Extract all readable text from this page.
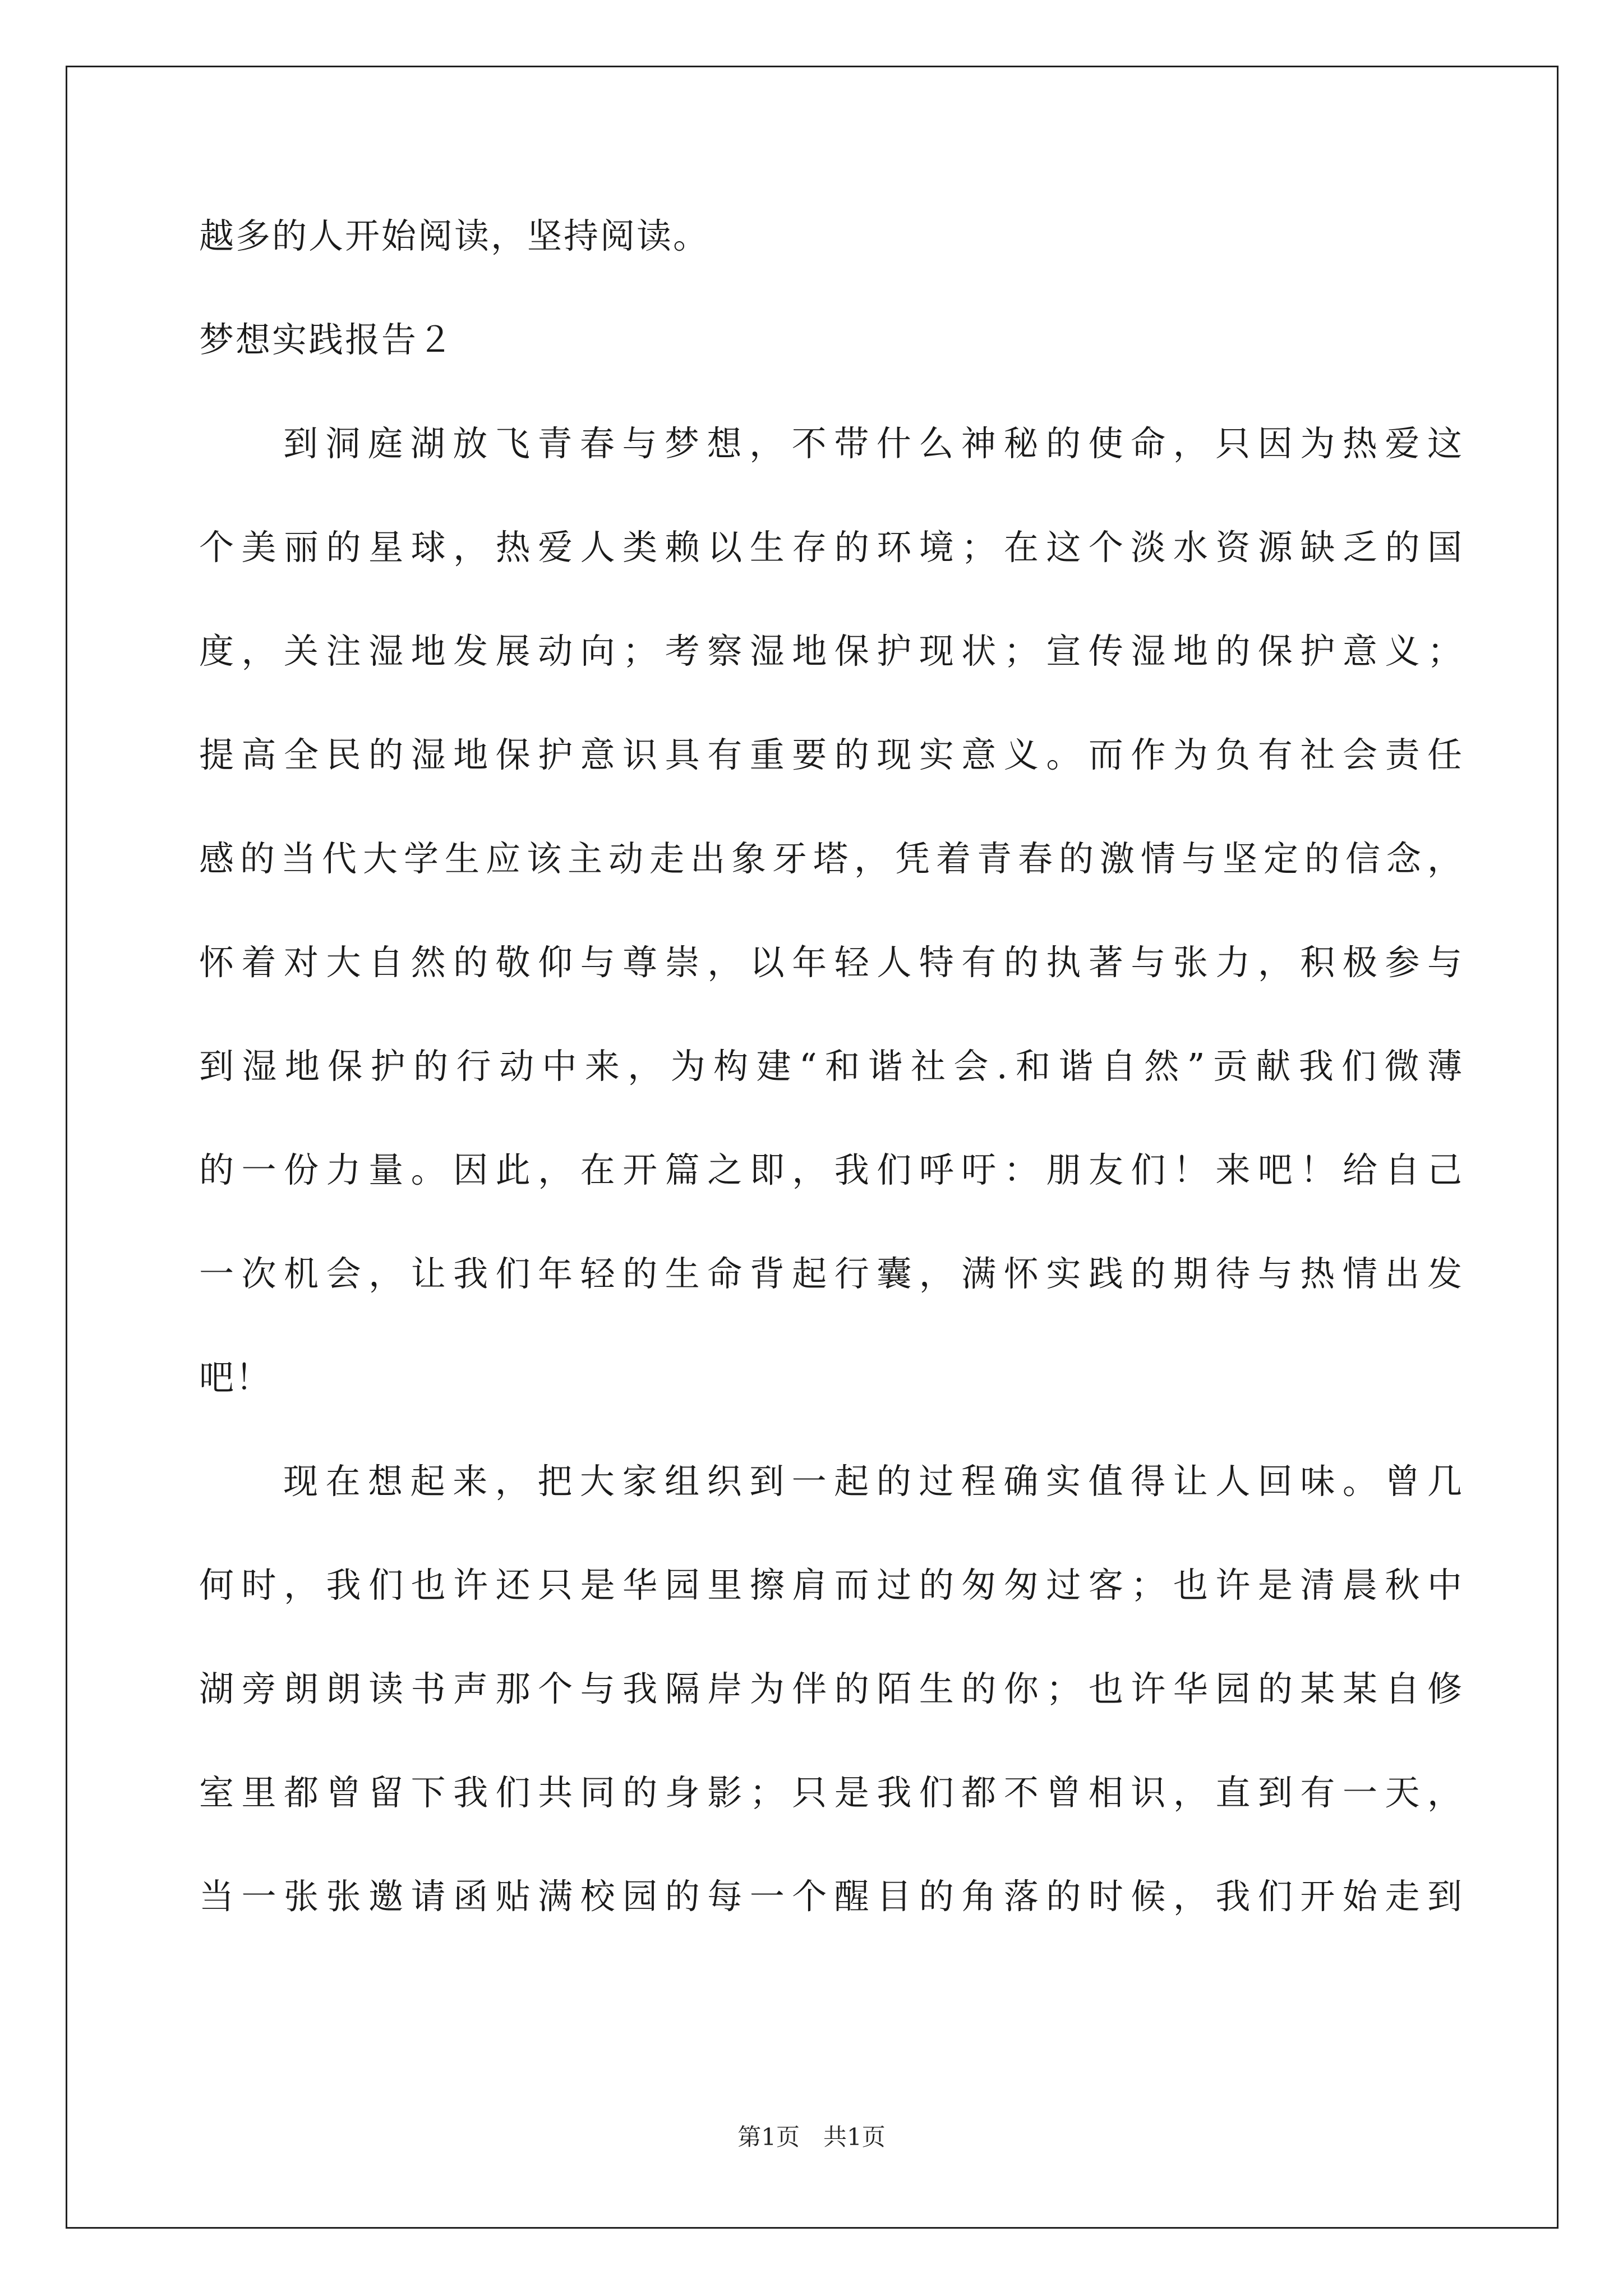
越多的人开始阅读，坚持阅读。
梦想实践报告２
到洞庭湖放飞青春与梦想，不带什么神秘的使命，只因为热爱这
个美丽的星球，热爱人类赖以生存的环境；在这个淡水资源缺乏的国
度，关注湿地发展动向；考察湿地保护现状；宣传湿地的保护意义；
提高全民的湿地保护意识具有重要的现实意义。而作为负有社会责任
感的当代大学生应该主动走出象牙塔，凭着青春的激情与坚定的信念，
怀着对大自然的敬仰与尊崇，以年轻人特有的执著与张力，积极参与
到湿地保护的行动中来，为构建“和谐社会.和谐自然”贡献我们微薄
的一份力量。因此，在开篇之即，我们呼吁：朋友们！来吧！给自己
一次机会，让我们年轻的生命背起行囊，满怀实践的期待与热情出发
吧！
现在想起来，把大家组织到一起的过程确实值得让人回味。曾几
何时，我们也许还只是华园里擦肩而过的匆匆过客；也许是清晨秋中
湖旁朗朗读书声那个与我隔岸为伴的陌生的你；也许华园的某某自修
室里都曾留下我们共同的身影；只是我们都不曾相识，直到有一天，
当一张张邀请函贴满校园的每一个醒目的角落的时候，我们开始走到
第1页　共1页
